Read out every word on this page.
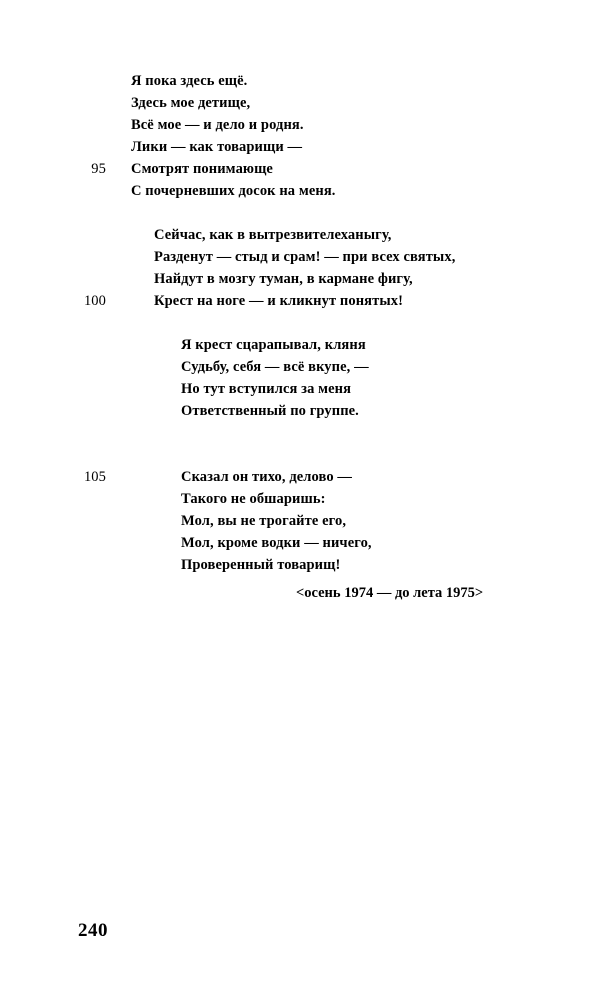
Я пока здесь ещё.
Здесь мое детище,
Всё мое — и дело и родня.
Лики — как товарищи —
95	Смотрят понимающе
С почерневших досок на меня.
Сейчас, как в вытрезвителеханыгу,
Разденут — стыд и срам! — при всех святых,
Найдут в мозгу туман, в кармане фигу,
100	Крест на ноге — и кликнут понятых!
Я крест сцарапывал, кляня
Судьбу, себя — всё вкупе, —
Но тут вступился за меня
Ответственный по группе.
105	Сказал он тихо, делово —
Такого не обшаришь:
Мол, вы не трогайте его,
Мол, кроме водки — ничего,
Проверенный товарищ!
<осень 1974 — до лета 1975>
240
